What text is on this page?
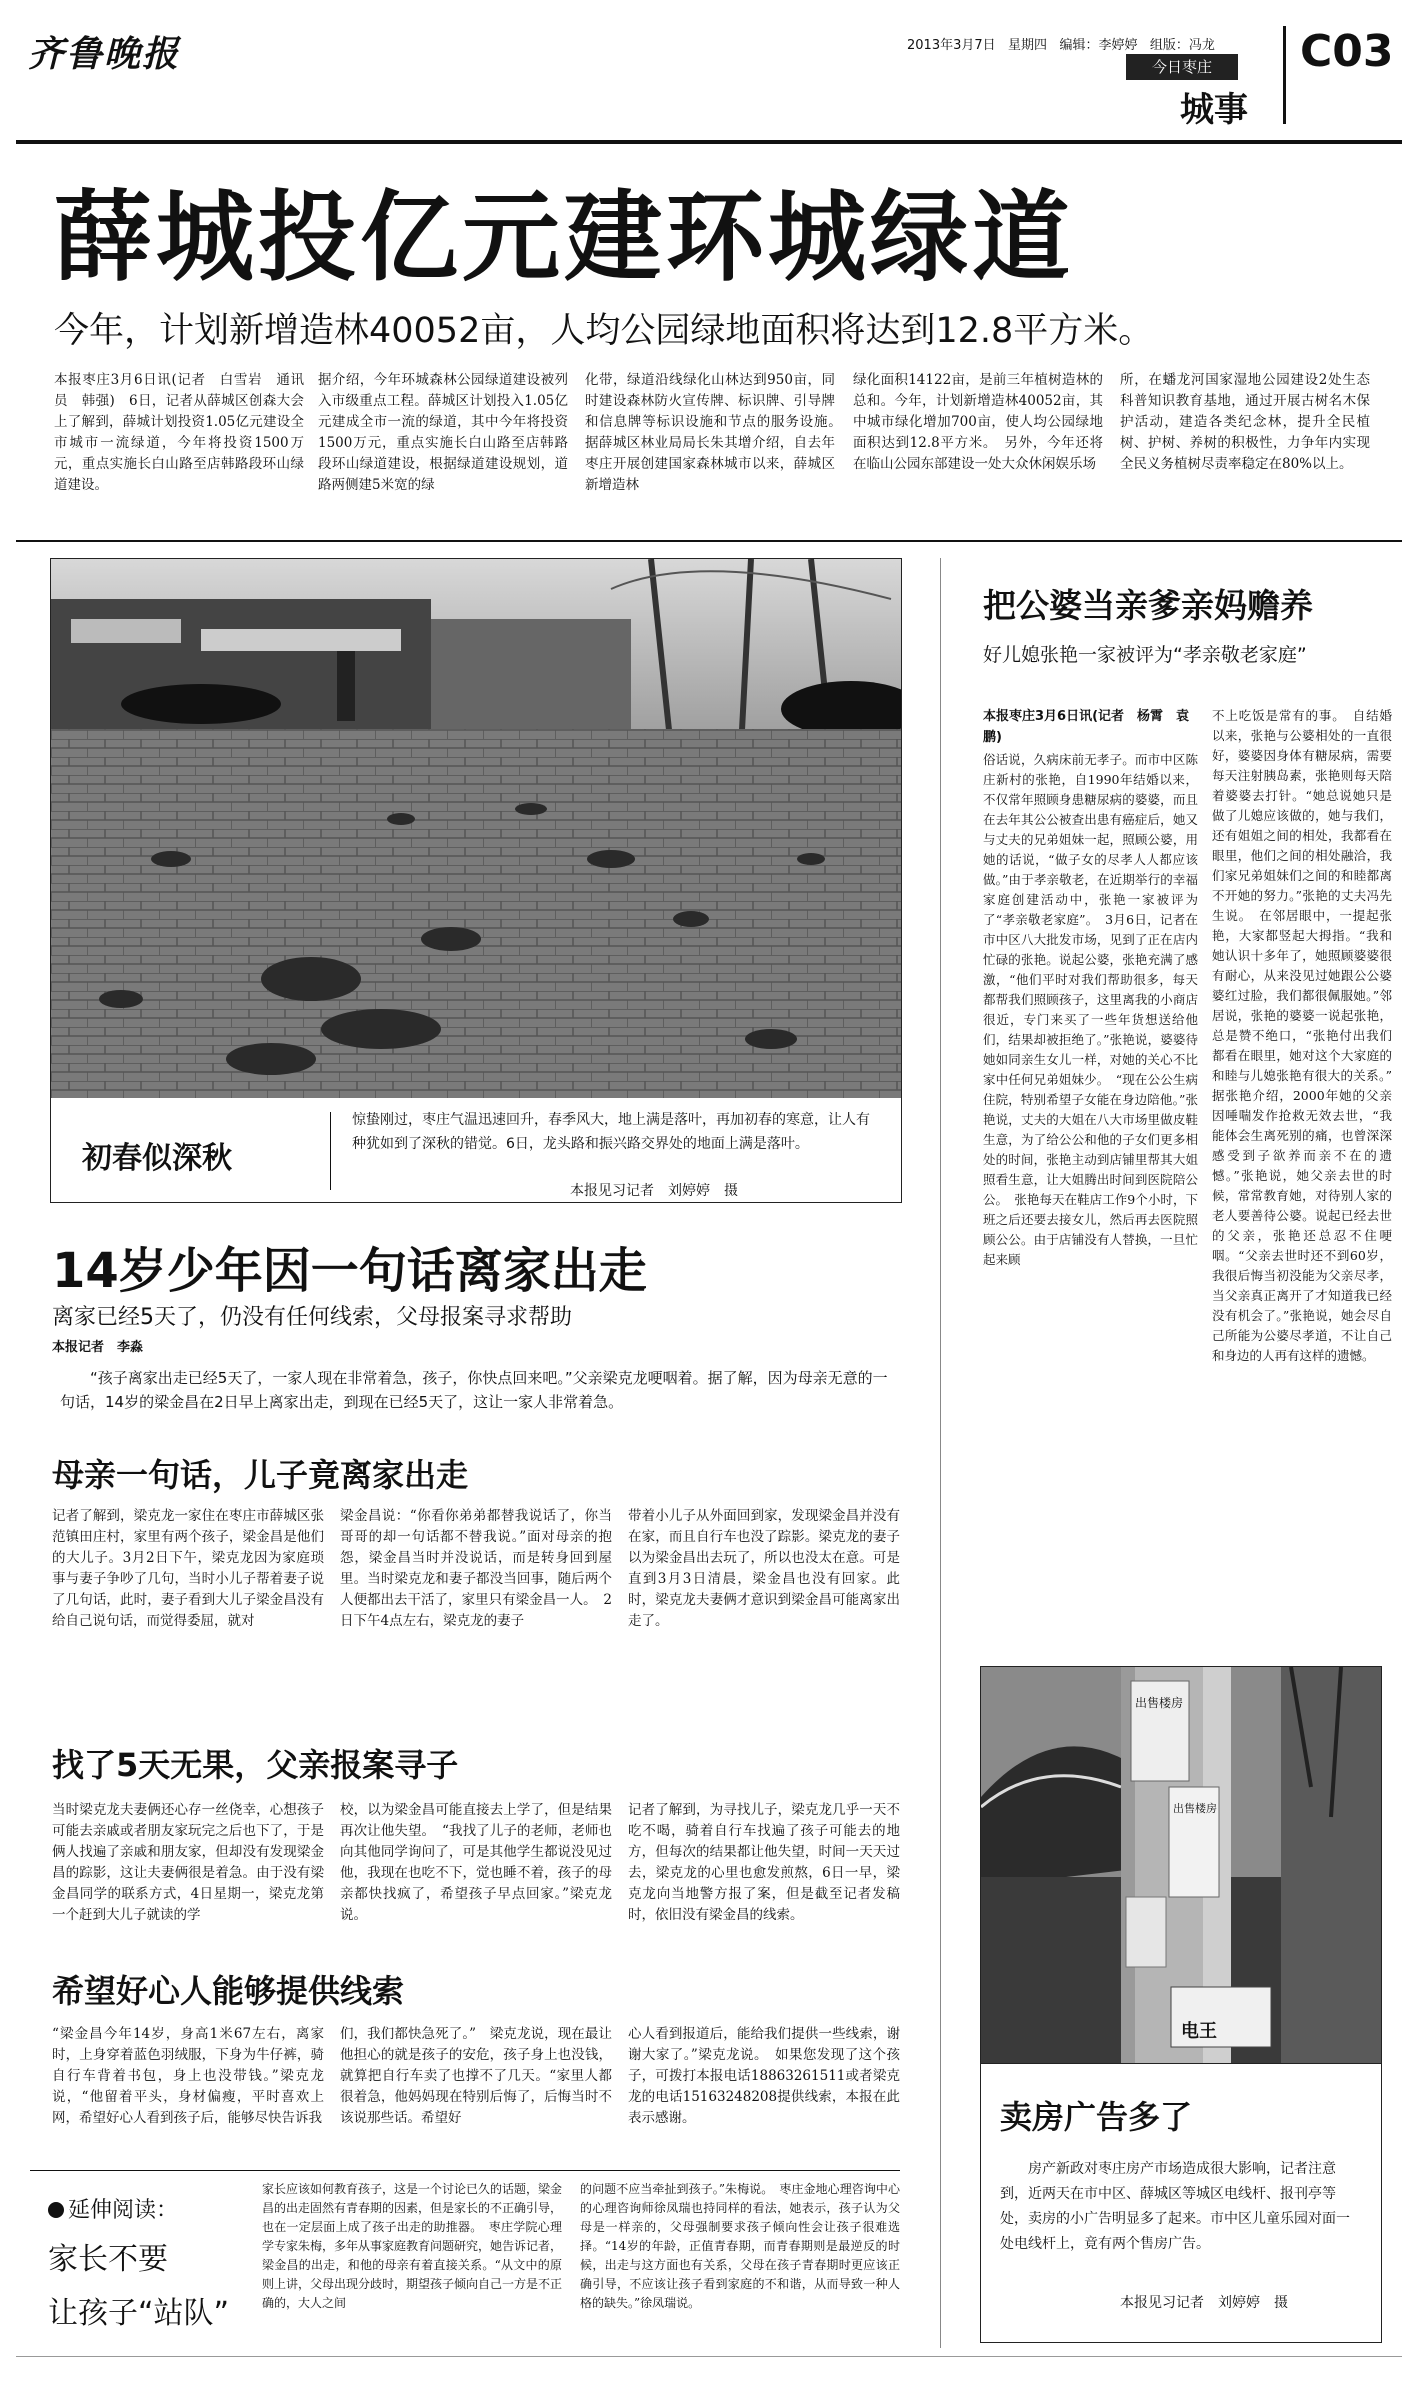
齐鲁晚报	2013年3月7日 星期四 编辑：李婷婷 组版：冯龙
今日枣庄
城事
C03
薛城投亿元建环城绿道
今年，计划新增造林40052亩，人均公园绿地面积将达到12.8平方米。
本报枣庄3月6日讯(记者　白雪岩　通讯员　韩强)　6日，记者从薛城区创森大会上了解到，薛城计划投资1.05亿元建设全市城市一流绿道，今年将投资1500万元，重点实施长白山路至店韩路段环山绿道建设。
据介绍，今年环城森林公园绿道建设被列入市级重点工程。薛城区计划投入1.05亿元建成全市一流的绿道，其中今年将投资1500万元，重点实施长白山路至店韩路段环山绿道建设，根据绿道建设规划，道路两侧建5米宽的绿
化带，绿道沿线绿化山林达到950亩，同时建设森林防火宣传牌、标识牌、引导牌和信息牌等标识设施和节点的服务设施。　据薛城区林业局局长朱其增介绍，自去年枣庄开展创建国家森林城市以来，薛城区新增造林
绿化面积14122亩，是前三年植树造林的总和。今年，计划新增造林40052亩，其中城市绿化增加700亩，使人均公园绿地面积达到12.8平方米。　另外，今年还将在临山公园东部建设一处大众休闲娱乐场
所，在蟠龙河国家湿地公园建设2处生态科普知识教育基地，通过开展古树名木保护活动，建造各类纪念林，提升全民植树、护树、养树的积极性，力争年内实现全民义务植树尽责率稳定在80%以上。
初春似深秋
惊蛰刚过，枣庄气温迅速回升，春季风大，地上满是落叶，再加初春的寒意，让人有种犹如到了深秋的错觉。6日，龙头路和振兴路交界处的地面上满是落叶。
本报见习记者　刘婷婷　摄
14岁少年因一句话离家出走
离家已经5天了，仍没有任何线索，父母报案寻求帮助
本报记者　李淼
“孩子离家出走已经5天了，一家人现在非常着急，孩子，你快点回来吧。”父亲梁克龙哽咽着。据了解，因为母亲无意的一句话，14岁的梁金昌在2日早上离家出走，到现在已经5天了，这让一家人非常着急。
母亲一句话，儿子竟离家出走
记者了解到，梁克龙一家住在枣庄市薛城区张范镇田庄村，家里有两个孩子，梁金昌是他们的大儿子。3月2日下午，梁克龙因为家庭琐事与妻子争吵了几句，当时小儿子帮着妻子说了几句话，此时，妻子看到大儿子梁金昌没有给自己说句话，而觉得委屈，就对
梁金昌说：“你看你弟弟都替我说话了，你当哥哥的却一句话都不替我说。”面对母亲的抱怨，梁金昌当时并没说话，而是转身回到屋里。当时梁克龙和妻子都没当回事，随后两个人便都出去干活了，家里只有梁金昌一人。　2日下午4点左右，梁克龙的妻子
带着小儿子从外面回到家，发现梁金昌并没有在家，而且自行车也没了踪影。梁克龙的妻子以为梁金昌出去玩了，所以也没太在意。可是直到3月3日清晨，梁金昌也没有回家。此时，梁克龙夫妻俩才意识到梁金昌可能离家出走了。
找了5天无果，父亲报案寻子
当时梁克龙夫妻俩还心存一丝侥幸，心想孩子可能去亲戚或者朋友家玩完之后也下了，于是俩人找遍了亲戚和朋友家，但却没有发现梁金昌的踪影，这让夫妻俩很是着急。由于没有梁金昌同学的联系方式，4日星期一，梁克龙第一个赶到大儿子就读的学
校，以为梁金昌可能直接去上学了，但是结果再次让他失望。　“我找了儿子的老师，老师也向其他同学询问了，可是其他学生都说没见过他，我现在也吃不下，觉也睡不着，孩子的母亲都快找疯了，希望孩子早点回家。”梁克龙说。
记者了解到，为寻找儿子，梁克龙几乎一天不吃不喝，骑着自行车找遍了孩子可能去的地方，但每次的结果都让他失望，时间一天天过去，梁克龙的心里也愈发煎熬，6日一早，梁克龙向当地警方报了案，但是截至记者发稿时，依旧没有梁金昌的线索。
希望好心人能够提供线索
“梁金昌今年14岁，身高1米67左右，离家时，上身穿着蓝色羽绒服，下身为牛仔裤，骑自行车背着书包，身上也没带钱。”梁克龙说，“他留着平头，身材偏瘦，平时喜欢上网，希望好心人看到孩子后，能够尽快告诉我
们，我们都快急死了。”　梁克龙说，现在最让他担心的就是孩子的安危，孩子身上也没钱，就算把自行车卖了也撑不了几天。“家里人都很着急，他妈妈现在特别后悔了，后悔当时不该说那些话。希望好
心人看到报道后，能给我们提供一些线索，谢谢大家了。”梁克龙说。　如果您发现了这个孩子，可拨打本报电话18863261511或者梁克龙的电话15163248208提供线索，本报在此表示感谢。
延伸阅读：
家长不要
让孩子“站队”
家长应该如何教育孩子，这是一个讨论已久的话题，梁金昌的出走固然有青春期的因素，但是家长的不正确引导，也在一定层面上成了孩子出走的助推器。　枣庄学院心理学专家朱梅，多年从事家庭教育问题研究，她告诉记者，梁金昌的出走，和他的母亲有着直接关系。“从文中的原则上讲，父母出现分歧时，期望孩子倾向自己一方是不正确的，大人之间
的问题不应当牵扯到孩子。”朱梅说。　枣庄金地心理咨询中心的心理咨询师徐凤瑞也持同样的看法，她表示，孩子认为父母是一样亲的，父母强制要求孩子倾向性会让孩子很难选择。“14岁的年龄，正值青春期，而青春期则是最逆反的时候，出走与这方面也有关系，父母在孩子青春期时更应该正确引导，不应该让孩子看到家庭的不和谐，从而导致一种人格的缺失。”徐凤瑞说。
把公婆当亲爹亲妈赡养
好儿媳张艳一家被评为“孝亲敬老家庭”
本报枣庄3月6日讯(记者　杨霄　袁鹏)
俗话说，久病床前无孝子。而市中区陈庄新村的张艳，自1990年结婚以来，不仅常年照顾身患糖尿病的婆婆，而且在去年其公公被查出患有癌症后，她又与丈夫的兄弟姐妹一起，照顾公婆，用她的话说，“做子女的尽孝人人都应该做。”由于孝亲敬老，在近期举行的幸福家庭创建活动中，张艳一家被评为了“孝亲敬老家庭”。　3月6日，记者在市中区八大批发市场，见到了正在店内忙碌的张艳。说起公婆，张艳充满了感激，“他们平时对我们帮助很多，每天都帮我们照顾孩子，这里离我的小商店很近，专门来买了一些年货想送给他们，结果却被拒绝了。”张艳说，婆婆待她如同亲生女儿一样，对她的关心不比家中任何兄弟姐妹少。　“现在公公生病住院，特别希望子女能在身边陪他。”张艳说，丈夫的大姐在八大市场里做皮鞋生意，为了给公公和他的子女们更多相处的时间，张艳主动到店铺里帮其大姐照看生意，让大姐腾出时间到医院陪公公。　张艳每天在鞋店工作9个小时，下班之后还要去接女儿，然后再去医院照顾公公。由于店铺没有人替换，一旦忙起来顾
不上吃饭是常有的事。　自结婚以来，张艳与公婆相处的一直很好，婆婆因身体有糖尿病，需要每天注射胰岛素，张艳则每天陪着婆婆去打针。“她总说她只是做了儿媳应该做的，她与我们，还有姐姐之间的相处，我都看在眼里，他们之间的相处融洽，我们家兄弟姐妹们之间的和睦都离不开她的努力。”张艳的丈夫冯先生说。　在邻居眼中，一提起张艳，大家都竖起大拇指。“我和她认识十多年了，她照顾婆婆很有耐心，从来没见过她跟公公婆婆红过脸，我们都很佩服她。”邻居说，张艳的婆婆一说起张艳，总是赞不绝口，“张艳付出我们都看在眼里，她对这个大家庭的和睦与儿媳张艳有很大的关系。”　据张艳介绍，2000年她的父亲因唾喘发作抢救无效去世，“我能体会生离死别的痛，也曾深深感受到子欲养而亲不在的遗憾。”张艳说，她父亲去世的时候，常常教育她，对待别人家的老人要善待公婆。说起已经去世的父亲，张艳还总忍不住哽咽。“父亲去世时还不到60岁，我很后悔当初没能为父亲尽孝，当父亲真正离开了才知道我已经没有机会了。”张艳说，她会尽自己所能为公婆尽孝道，不让自己和身边的人再有这样的遗憾。
出售楼房
出售楼房
电王
卖房广告多了
房产新政对枣庄房产市场造成很大影响，记者注意到，近两天在市中区、薛城区等城区电线杆、报刊亭等处，卖房的小广告明显多了起来。市中区儿童乐园对面一处电线杆上，竟有两个售房广告。
本报见习记者　刘婷婷　摄
